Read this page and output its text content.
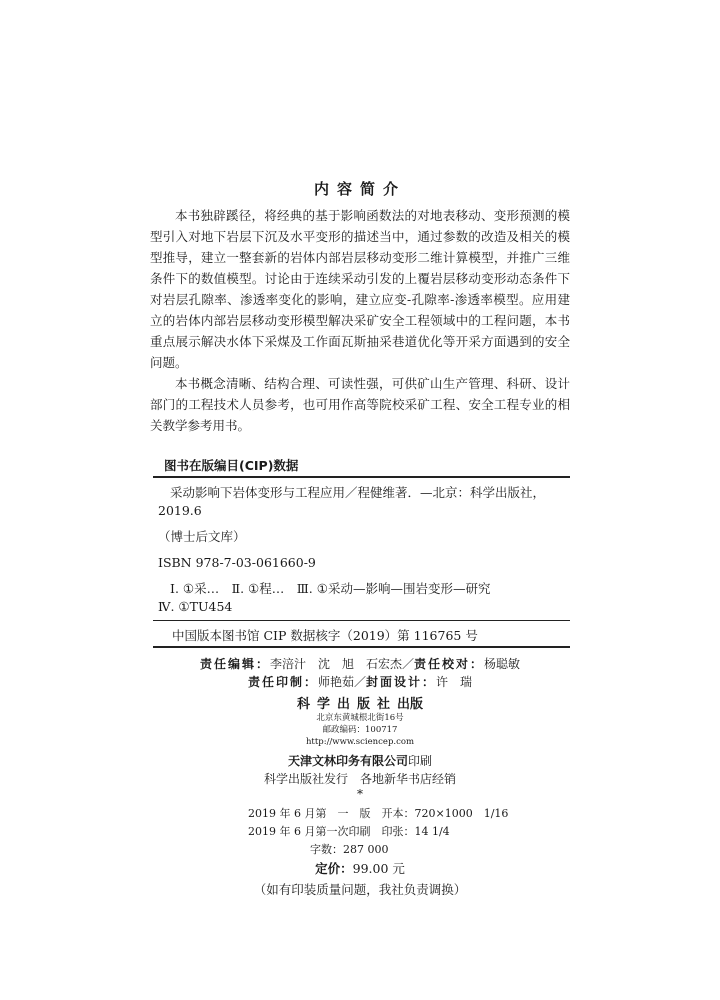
内容简介

本书独辟蹊径，将经典的基于影响函数法的对地表移动、变形预测的模型引入对地下岩层下沉及水平变形的描述当中，通过参数的改造及相关的模型推导，建立一整套新的岩体内部岩层移动变形二维计算模型，并推广三维条件下的数值模型。讨论由于连续采动引发的上覆岩层移动变形动态条件下对岩层孔隙率、渗透率变化的影响，建立应变-孔隙率-渗透率模型。应用建立的岩体内部岩层移动变形模型解决采矿安全工程领域中的工程问题，本书重点展示解决水体下采煤及工作面瓦斯抽采巷道优化等开采方面遇到的安全问题。

本书概念清晰、结构合理、可读性强，可供矿山生产管理、科研、设计部门的工程技术人员参考，也可用作高等院校采矿工程、安全工程专业的相关教学参考用书。

图书在版编目(CIP)数据
采动影响下岩体变形与工程应用／程健维著．—北京：科学出版社，
2019.6
（博士后文库）
ISBN 978-7-03-061660-9
Ⅰ. ①采…　Ⅱ. ①程…　Ⅲ. ①采动—影响—围岩变形—研究
Ⅳ. ①TU454
中国版本图书馆 CIP 数据核字（2019）第 116765 号
责任编辑：李涪汁　沈　旭　石宏杰／责任校对：杨聪敏
责任印制：师艳茹／封面设计：许　瑞
科学出版社出版
北京东黄城根北街16号
邮政编码：100717
http://www.sciencep.com
天津文林印务有限公司印刷
科学出版社发行　各地新华书店经销
*
2019 年 6 月第　一　版　 开本：720×1000　1/16
2019 年 6 月第一次印刷　 印张：14 1/4
字数：287 000
定价：99.00 元
（如有印装质量问题，我社负责调换）
